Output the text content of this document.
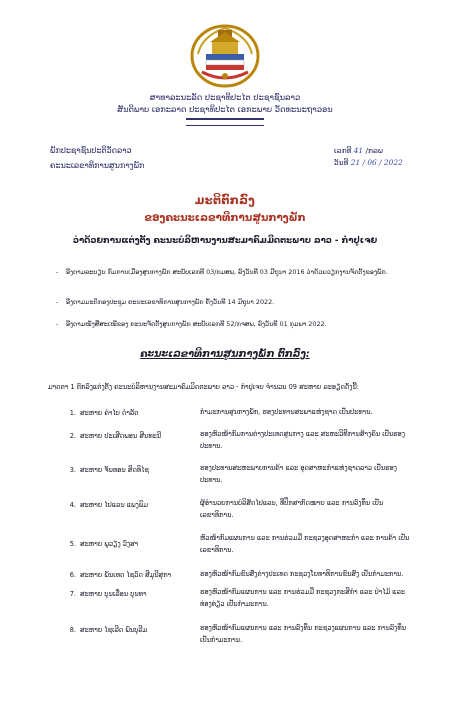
ສາທາລະນະລັດ ປະຊາທິປະໄຕ ປະຊາຊົນລາວ
ສັນຕິພາບ ເອກະລາດ ປະຊາທິປະໄຕ ເອກະພາບ ວັດທະນະຖາວອນ
ພັກປະຊາຊົນປະຕິວັດລາວ
ຄະນະເລຂາທິການສູນກາງພັກ
ເລກທີ 41 /ກລພ
ວັນທີ 21 / 06 / 2022
ມະຕິຕົກລົງ
ຂອງຄະນະເລຂາທິການສູນກາງພັກ
ວ່າດ້ວຍການແຕ່ງຕັ້ງ ຄະນະບໍລິຫານງານສະມາຄົມມິດຕະພາບ ລາວ - ກຳປູເຈຍ
- ອີງຕາມລະບຽບ ກົມການເມືອງສູນກາງພັກ ສະບັບເລກທີ 03/ກມສພ, ລົງວັນທີ 03 ມີຖຸນາ 2016 ວ່າດ້ວຍວຽກງານຈັດຕັ້ງຂອງພັກ.
- ອີງຕາມມະຕິກອງປະຊຸມ ຄະນະເລຂາທິການສູນກາງພັກ ຄັ້ງວັນທີ 14 ມິຖຸນາ 2022.
- ອີງຕາມໜັງສືສະເໜີຂອງ ຄະນະຈັດຕັ້ງສູນກາງພັກ ສະບັບເລກທີ 52/ກຈສພ, ລົງວັນທີ 01 ກຸມພາ 2022.
ຄະນະເລຂາທິການສູນກາງພັກ ຕົກລົງ:
ມາດຕາ 1 ຕົກລົງແຕ່ງຕັ້ງ ຄະນະບໍລິຫານງານສະມາຄົມມິດຕະພາບ ລາວ - ກຳປູເຈຍ ຈຳນວນ 09 ສະຫາຍ ລະອຽດດັ່ງນີ້:
1. ສະຫາຍ ຄຳໄບ ດຳລັດ	ກຳມະການສູນກາງພັກ, ຮອງປະທານສະພາແຫ່ງຊາດ ເປັນປະທານ.
2. ສະຫາຍ ປະເສີດພອນ ສີນທະນີ	ຮອງຫົວໜ້າກົມການຕ່າງປະເທດສູນກາງ ແລະ ສະຫະວິທີການສ້າງຄົນ ເປັນຮອງປະທານ.
3. ສະຫາຍ ຈັນທອນ ສິດທິໄຊ	ຮອງປະທານສະຫະພາບການຄ້າ ແລະ ອຸດສາຫະກຳແຫ່ງຊາດລາວ ເປັນຮອງປະທານ.
4. ສະຫາຍ ໄປແລນ ແພງພິມ	ຜູ້ອຳນວຍການບໍລິສັດໄປແລນ, ທີ່ປຶກສາກົດໝາຍ ແລະ ການລົງທຶນ ເປັນເລຂາທິການ.
5. ສະຫາຍ ພູວຽງ ວົງສາ
ຫົວໜ້າກົມແຜນການ ແລະ ການຮ່ວມມື ກະຊວງອຸດສາຫະກຳ ແລະ ການຄ້າ ເປັນເລຂາທິການ.
6. ສະຫາຍ ພັນເທດ ໄຊວົດ ສີມຸນີສຸກາ	ຮອງຫົວໜ້າກົມຂົນສົ່ງຕ່າງປະເທດ ກະຊວງໂຍທາທິການຂົນສົ່ງ ເປັນກຳມະການ.
7. ສະຫາຍ ບຸນເລື່ອນ ບຸນທາ	ຮອງຫົວໜ້າກົມແຜນການ ແລະ ການຮ່ວມມື ກະຊວງກະສິກຳ ແລະ ປ່າໄມ້ ແລະ ທ່ອງທ່ຽວ ເປັນກຳມະການ.
8. ສະຫາຍ ໄຊເລີດ ພົນບຸລີມ	ຮອງຫົວໜ້າກົມແຜນການ ແລະ ການລົງທຶນ ກະຊວງແຜນການ ແລະ ການລົງທຶນ ເປັນກຳມະການ.
